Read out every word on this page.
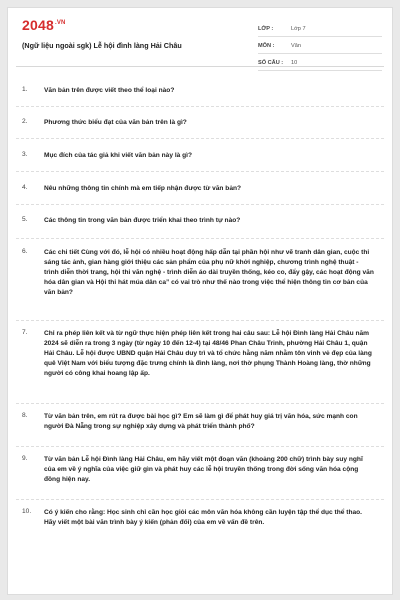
$2048^{.VN}$
(Ngữ liệu ngoài sgk) Lễ hội đình làng Hải Châu
LỚP :	Lớp 7
MÔN :	Văn
SỐ CÂU :	10
1.	Văn bản trên được viết theo thể loại nào?
2.	Phương thức biểu đạt của văn bản trên là gì?
3.	Mục đích của tác giả khi viết văn bản này là gì?
4.	Nêu những thông tin chính mà em tiếp nhận được từ văn bản?
5.	Các thông tin trong văn bản được triển khai theo trình tự nào?
6.	Các chi tiết Cùng với đó, lễ hội có nhiều hoạt động hấp dẫn tại phần hội như vẽ tranh dân gian, cuộc thi sáng tác ảnh, gian hàng giới thiệu các sản phẩm của phụ nữ khởi nghiệp, chương trình nghệ thuật - trình diễn thời trang, hội thi văn nghệ - trình diễn áo dài truyền thống, kéo co, đẩy gậy, các hoạt động văn hóa dân gian và Hội thi hát múa dân ca” có vai trò như thế nào trong việc thể hiện thông tin cơ bản của văn bản?
7.	Chỉ ra phép liên kết và từ ngữ thực hiện phép liên kết trong hai câu sau: Lễ hội Đình làng Hải Châu năm 2024 sẽ diễn ra trong 3 ngày (từ ngày 10 đến 12-4) tại 48/46 Phan Châu Trinh, phường Hải Châu 1, quận Hải Châu. Lễ hội được UBND quận Hải Châu duy trì và tổ chức hằng năm nhằm tôn vinh vẻ đẹp của làng quê Việt Nam với biểu tượng đặc trưng chính là đình làng, nơi thờ phụng Thành Hoàng làng, thờ những người có công khai hoang lập ấp.
8.	Từ văn bản trên, em rút ra được bài học gì? Em sẽ làm gì để phát huy giá trị văn hóa, sức mạnh con người Đà Nẵng trong sự nghiệp xây dựng và phát triển thành phố?
9.	Từ văn bản Lễ hội Đình làng Hải Châu, em hãy viết một đoạn văn (khoảng 200 chữ) trình bày suy nghĩ của em về ý nghĩa của việc giữ gìn và phát huy các lễ hội truyền thống trong đời sống văn hóa cộng đồng hiện nay.
10.	Có ý kiến cho rằng: Học sinh chỉ cần học giỏi các môn văn hóa không cần luyện tập thể dục thể thao. Hãy viết một bài văn trình bày ý kiến (phản đối) của em về vấn đề trên.
